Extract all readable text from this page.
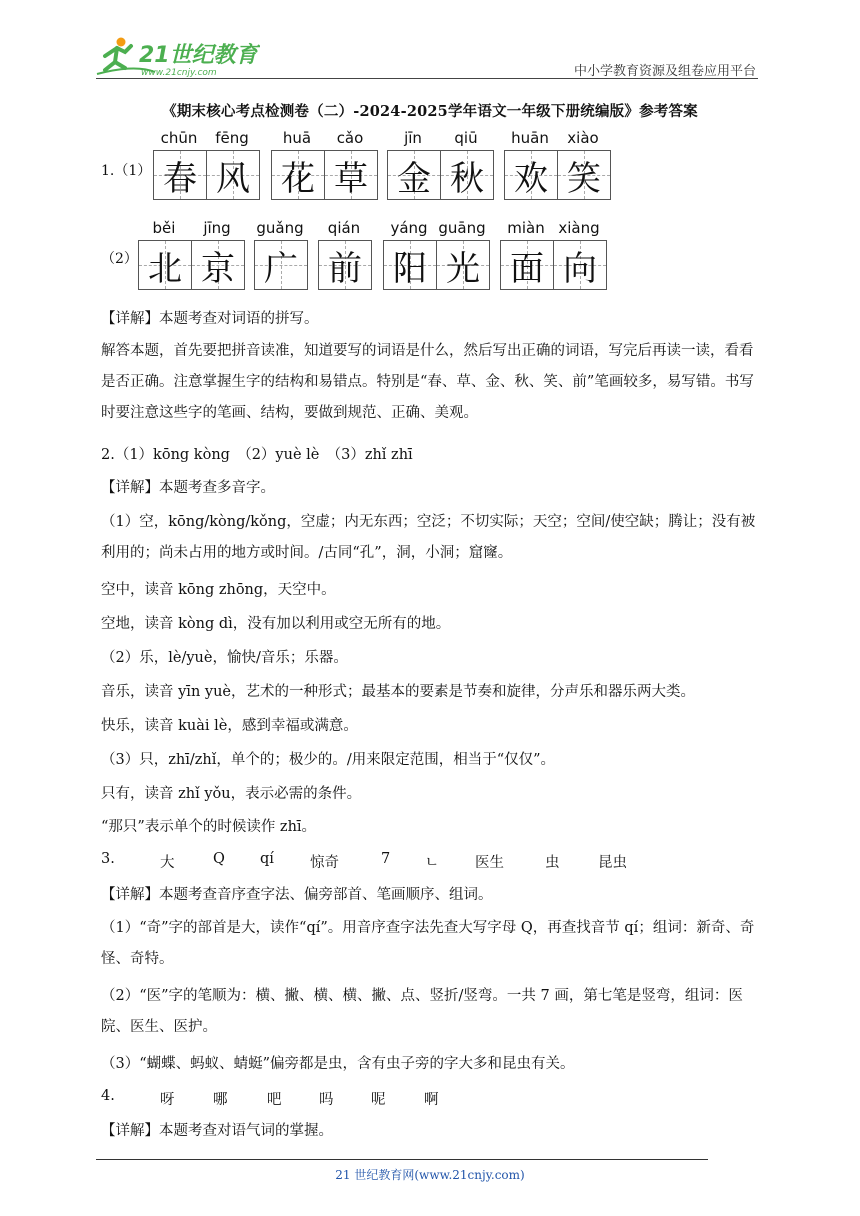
21世纪教育
www.21cnjy.com	中小学教育资源及组卷应用平台
《期末核心考点检测卷（二）-2024-2025学年语文一年级下册统编版》参考答案
1.（1）
chūn	fēng	huā	cǎo	jīn	qiū	huān	xiào
春 风 花 草 金 秋 欢 笑
（2）
běi	jīng	guǎng	qián	yáng guāng	miàn xiàng
北 京 广 前 阳 光 面 向
【详解】本题考查对词语的拼写。
解答本题，首先要把拼音读准，知道要写的词语是什么，然后写出正确的词语，写完后再读一读，看看是否正确。注意掌握生字的结构和易错点。特别是“春、草、金、秋、笑、前”笔画较多，易写错。书写时要注意这些字的笔画、结构，要做到规范、正确、美观。
2.（1）kōng kòng　（2）yuè lè　（3）zhǐ zhī
【详解】本题考查多音字。
（1）空，kōng/kòng/kǒng，空虚；内无东西；空泛；不切实际；天空；空间/使空缺；腾让；没有被利用的；尚未占用的地方或时间。/古同“孔”，洞，小洞；窟窿。
空中，读音 kōng zhōng，天空中。
空地，读音 kòng dì，没有加以利用或空无所有的地。
（2）乐，lè/yuè，愉快/音乐；乐器。
音乐，读音 yīn yuè，艺术的一种形式；最基本的要素是节奏和旋律，分声乐和器乐两大类。
快乐，读音 kuài lè，感到幸福或满意。
（3）只，zhī/zhǐ，单个的；极少的。/用来限定范围，相当于“仅仅”。
只有，读音 zhǐ yǒu，表示必需的条件。
“那只”表示单个的时候读作 zhī。
3.	大	Q qí 惊奇	7 ㄴ 医生	虫	昆虫
【详解】本题考查音序查字法、偏旁部首、笔画顺序、组词。
（1）“奇”字的部首是大，读作“qí”。用音序查字法先查大写字母 Q，再查找音节 qí；组词：新奇、奇怪、奇特。
（2）“医”字的笔顺为：横、撇、横、横、撇、点、竖折/竖弯。一共 7 画，第七笔是竖弯，组词：医院、医生、医护。
（3）“蝴蝶、蚂蚁、蜻蜓”偏旁都是虫，含有虫子旁的字大多和昆虫有关。
4.	呀	哪	吧	吗	呢	啊
【详解】本题考查对语气词的掌握。
21 世纪教育网(www.21cnjy.com)
